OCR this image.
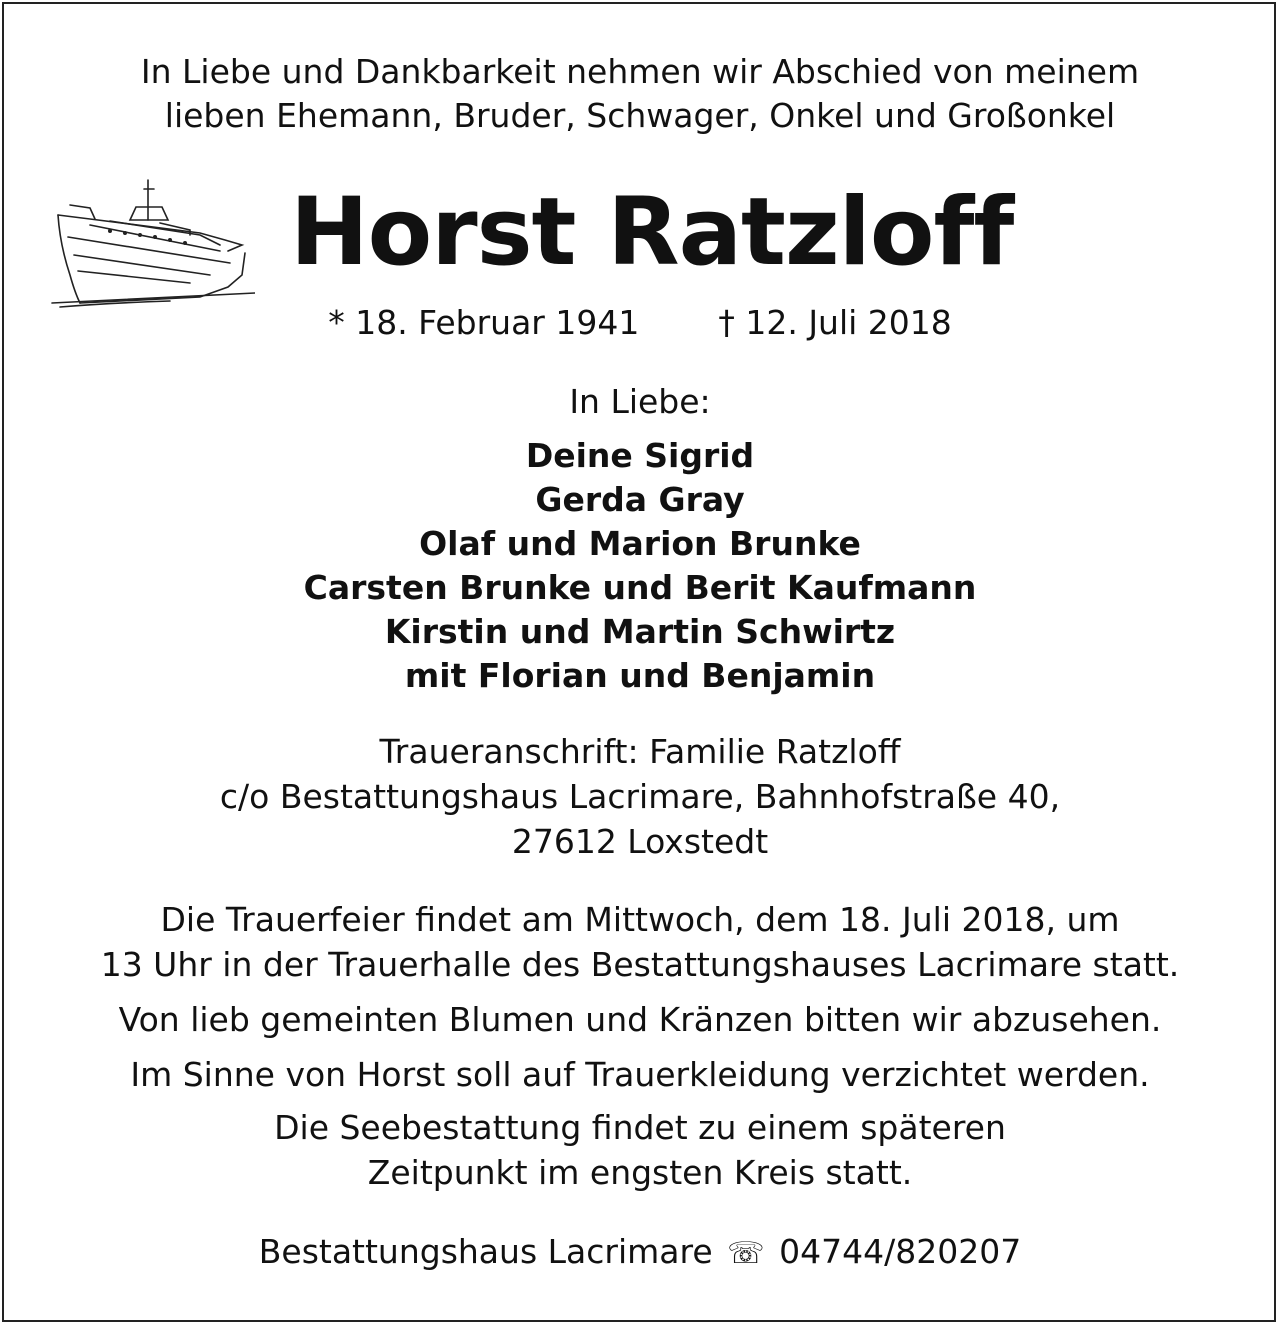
In Liebe und Dankbarkeit nehmen wir Abschied von meinem
lieben Ehemann, Bruder, Schwager, Onkel und Großonkel
Horst Ratzloff
* 18. Februar 1941 † 12. Juli 2018
In Liebe:
Deine Sigrid
Gerda Gray
Olaf und Marion Brunke
Carsten Brunke und Berit Kaufmann
Kirstin und Martin Schwirtz
mit Florian und Benjamin
Traueranschrift: Familie Ratzloff
c/o Bestattungshaus Lacrimare, Bahnhofstraße 40,
27612 Loxstedt
Die Trauerfeier findet am Mittwoch, dem 18. Juli 2018, um
13 Uhr in der Trauerhalle des Bestattungshauses Lacrimare statt.
Von lieb gemeinten Blumen und Kränzen bitten wir abzusehen.
Im Sinne von Horst soll auf Trauerkleidung verzichtet werden.
Die Seebestattung findet zu einem späteren
Zeitpunkt im engsten Kreis statt.
Bestattungshaus Lacrimare ☏ 04744/820207
